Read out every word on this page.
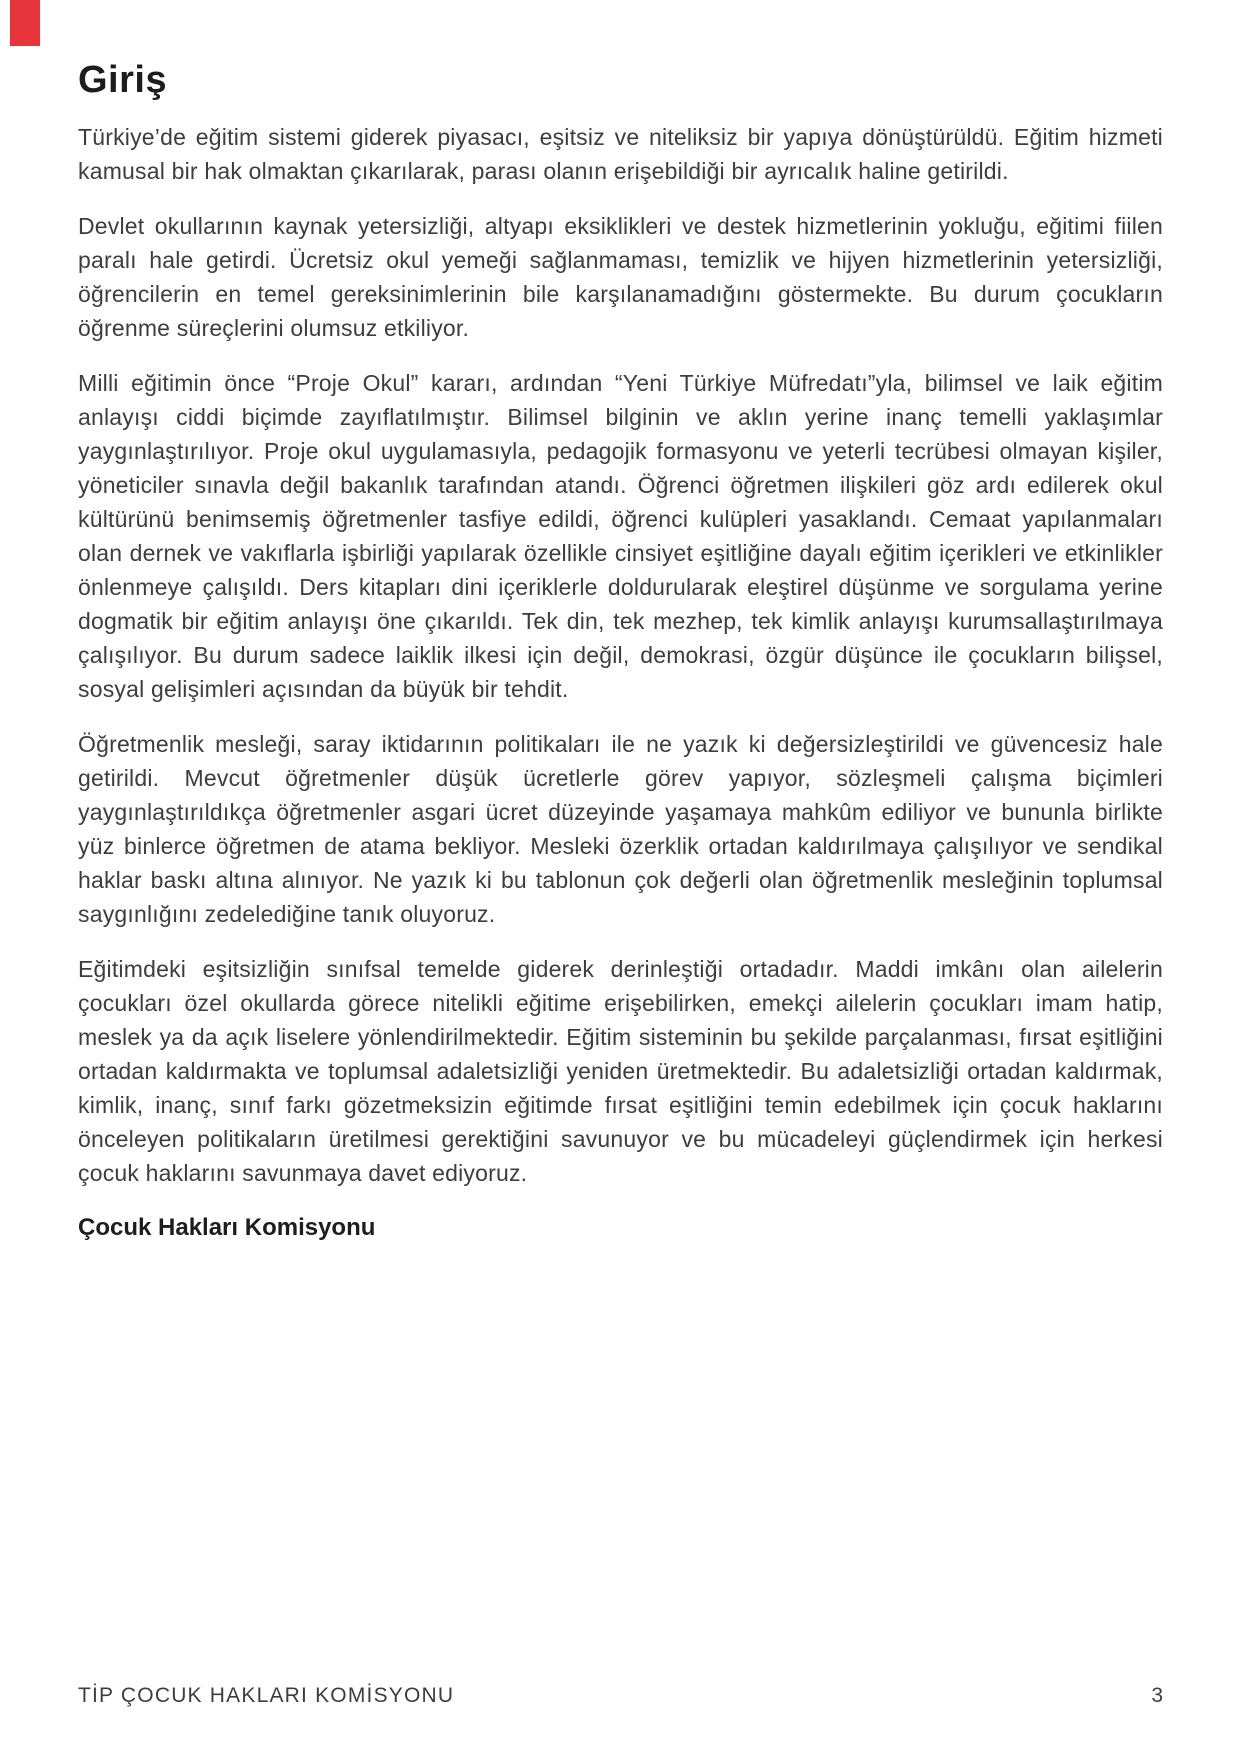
Giriş

Türkiye’de eğitim sistemi giderek piyasacı, eşitsiz ve niteliksiz bir yapıya dönüştürüldü. Eğitim hizmeti kamusal bir hak olmaktan çıkarılarak, parası olanın erişebildiği bir ayrıcalık haline getirildi.

Devlet okullarının kaynak yetersizliği, altyapı eksiklikleri ve destek hizmetlerinin yokluğu, eğitimi fiilen paralı hale getirdi. Ücretsiz okul yemeği sağlanmaması, temizlik ve hijyen hizmetlerinin yetersizliği, öğrencilerin en temel gereksinimlerinin bile karşılanamadığını göstermekte. Bu durum çocukların öğrenme süreçlerini olumsuz etkiliyor.

Milli eğitimin önce “Proje Okul” kararı, ardından “Yeni Türkiye Müfredatı”yla, bilimsel ve laik eğitim anlayışı ciddi biçimde zayıflatılmıştır. Bilimsel bilginin ve aklın yerine inanç temelli yaklaşımlar yaygınlaştırılıyor. Proje okul uygulamasıyla, pedagojik formasyonu ve yeterli tecrübesi olmayan kişiler, yöneticiler sınavla değil bakanlık tarafından atandı. Öğrenci öğretmen ilişkileri göz ardı edilerek okul kültürünü benimsemiş öğretmenler tasfiye edildi, öğrenci kulüpleri yasaklandı. Cemaat yapılanmaları olan dernek ve vakıflarla işbirliği yapılarak özellikle cinsiyet eşitliğine dayalı eğitim içerikleri ve etkinlikler önlenmeye çalışıldı. Ders kitapları dini içeriklerle doldurularak eleştirel düşünme ve sorgulama yerine dogmatik bir eğitim anlayışı öne çıkarıldı. Tek din, tek mezhep, tek kimlik anlayışı kurumsallaştırılmaya çalışılıyor. Bu durum sadece laiklik ilkesi için değil, demokrasi, özgür düşünce ile çocukların bilişsel, sosyal gelişimleri açısından da büyük bir tehdit.

Öğretmenlik mesleği, saray iktidarının politikaları ile ne yazık ki değersizleştirildi ve güvencesiz hale getirildi. Mevcut öğretmenler düşük ücretlerle görev yapıyor, sözleşmeli çalışma biçimleri yaygınlaştırıldıkça öğretmenler asgari ücret düzeyinde yaşamaya mahkûm ediliyor ve bununla birlikte yüz binlerce öğretmen de atama bekliyor. Mesleki özerklik ortadan kaldırılmaya çalışılıyor ve sendikal haklar baskı altına alınıyor. Ne yazık ki bu tablonun çok değerli olan öğretmenlik mesleğinin toplumsal saygınlığını zedelediğine tanık oluyoruz.

Eğitimdeki eşitsizliğin sınıfsal temelde giderek derinleştiği ortadadır. Maddi imkânı olan ailelerin çocukları özel okullarda görece nitelikli eğitime erişebilirken, emekçi ailelerin çocukları imam hatip, meslek ya da açık liselere yönlendirilmektedir. Eğitim sisteminin bu şekilde parçalanması, fırsat eşitliğini ortadan kaldırmakta ve toplumsal adaletsizliği yeniden üretmektedir. Bu adaletsizliği ortadan kaldırmak, kimlik, inanç, sınıf farkı gözetmeksizin eğitimde fırsat eşitliğini temin edebilmek için çocuk haklarını önceleyen politikaların üretilmesi gerektiğini savunuyor ve bu mücadeleyi güçlendirmek için herkesi çocuk haklarını savunmaya davet ediyoruz.

Çocuk Hakları Komisyonu

TİP ÇOCUK HAKLARI KOMİSYONU	3
